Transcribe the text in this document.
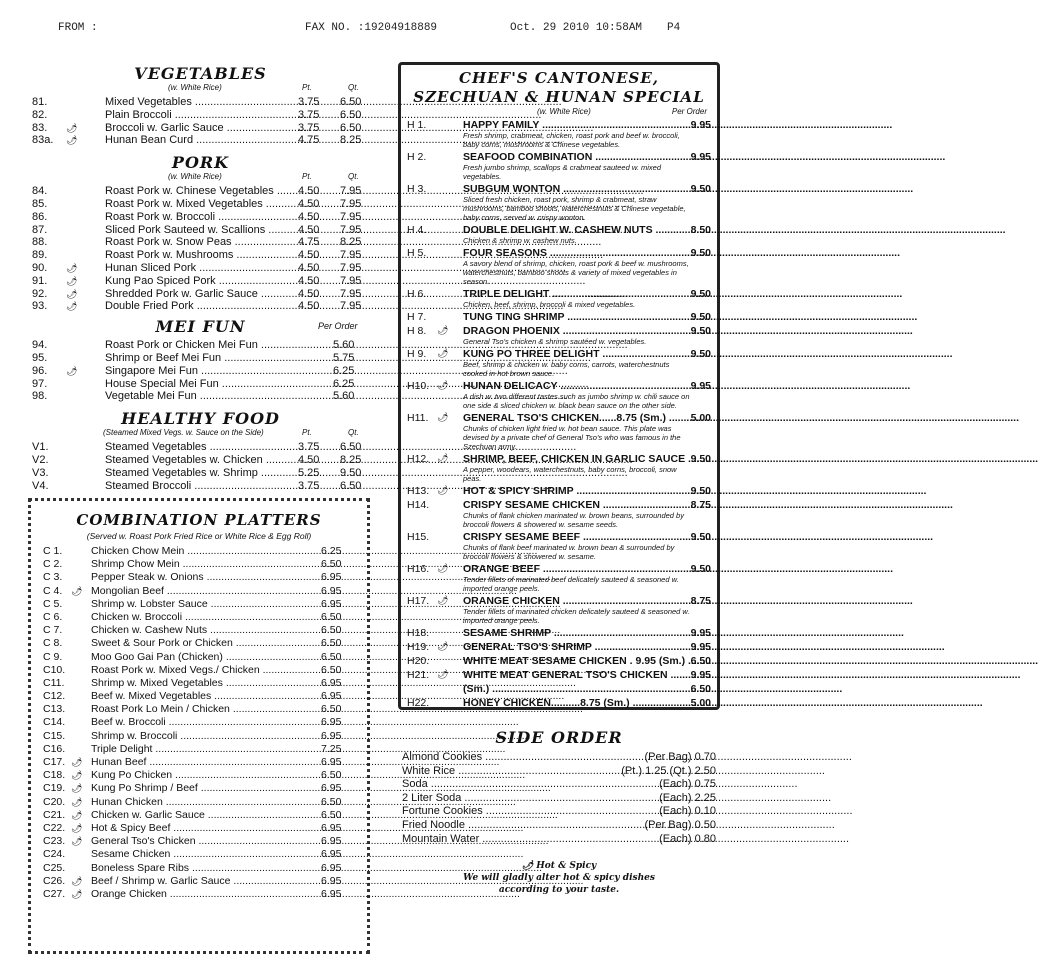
FROM :	FAX NO. :19204918889	Oct. 29 2010 10:58AM P4
VEGETABLES
(w. White Rice)	Pt.	Qt.
81.	Mixed Vegetables .....	3.75	6.50
82.	Plain Broccoli .....	3.75	6.50
83.	🌶	Broccoli w. Garlic Sauce .....	3.75	6.50
83a.	🌶	Hunan Bean Curd .....	4.75	8.25
PORK
(w. White Rice)	Pt.	Qt.
84.	Roast Pork w. Chinese Vegetables .....	4.50	7.95
85.	Roast Pork w. Mixed Vegetables .....	4.50	7.95
86.	Roast Pork w. Broccoli .....	4.50	7.95
87.	Sliced Pork Sauteed w. Scallions .....	4.50	7.95
88.	Roast Pork w. Snow Peas .....	4.75	8.25
89.	Roast Pork w. Mushrooms .....	4.50	7.95
90.	🌶	Hunan Sliced Pork .....	4.50	7.95
91.	🌶	Kung Pao Spiced Pork .....	4.50	7.95
92.	🌶	Shredded Pork w. Garlic Sauce .....	4.50	7.95
93.	🌶	Double Fried Pork .....	4.50	7.95
MEI FUN	Per Order
94.	Roast Pork or Chicken Mei Fun .....	5.60
95.	Shrimp or Beef Mei Fun .....	5.75
96.	🌶	Singapore Mei Fun .....	6.25
97.	House Special Mei Fun .....	6.25
98.	Vegetable Mei Fun .....	5.60
HEALTHY FOOD
(Steamed Mixed Vegs. w. Sauce on the Side)	Pt.	Qt.
V1.	Steamed Vegetables .....	3.75	6.50
V2.	Steamed Vegetables w. Chicken .....	4.50	8.25
V3.	Steamed Vegetables w. Shrimp .....	5.25	9.50
V4.	Steamed Broccoli .....	3.75	6.50
COMBINATION PLATTERS
(Served w. Roast Pork Fried Rice or White Rice & Egg Roll)
C 1.	Chicken Chow Mein .....	6.25
C 2.	Shrimp Chow Mein .....	6.50
C 3.	Pepper Steak w. Onions .....	6.95
C 4. 🌶 Mongolian Beef .....	6.95
C 5.	Shrimp w. Lobster Sauce .....	6.95
C 6.	Chicken w. Broccoli .....	6.50
C 7.	Chicken w. Cashew Nuts .....	6.50
C 8.	Sweet & Sour Pork or Chicken .....	6.50
C 9.	Moo Goo Gai Pan (Chicken) .....	6.50
C10.	Roast Pork w. Mixed Vegs./ Chicken .....	6.50
C11.	Shrimp w. Mixed Vegetables .....	6.95
C12.	Beef w. Mixed Vegetables .....	6.95
C13.	Roast Pork Lo Mein / Chicken .....	6.50
C14.	Beef w. Broccoli .....	6.95
C15.	Shrimp w. Broccoli .....	6.95
C16.	Triple Delight .....	7.25
C17. 🌶 Hunan Beef .....	6.95
C18. 🌶 Kung Po Chicken .....	6.50
C19. 🌶 Kung Po Shrimp / Beef .....	6.95
C20. 🌶 Hunan Chicken .....	6.50
C21. 🌶 Chicken w. Garlic Sauce .....	6.50
C22. 🌶 Hot & Spicy Beef .....	6.95
C23. 🌶 General Tso's Chicken .....	6.95
C24.	Sesame Chicken .....	6.95
C25.	Boneless Spare Ribs .....	6.95
C26. 🌶 Beef / Shrimp w. Garlic Sauce .....	6.95
C27. 🌶 Orange Chicken .....	6.95
CHEF'S CANTONESE,
SZECHUAN & HUNAN SPECIAL
(w. White Rice)	Per Order
H 1.	HAPPY FAMILY .....	9.95
Fresh shrimp, crabmeat, chicken, roast pork and beef w. broccoli, baby corns, mushrooms & Chinese vegetables.
H 2.	SEAFOOD COMBINATION .....	9.95
Fresh jumbo shrimp, scallops & crabmeat sauteed w. mixed vegetables.
H 3.	SUBGUM WONTON .....	9.50
Sliced fresh chicken, roast pork, shrimp & crabmeat, straw mushrooms, bamboo shoots, waterchestnuts & Chinese vegetable, baby corns, served w. crispy wonton.
H 4.	DOUBLE DELIGHT W. CASHEW NUTS .....	8.50
Chicken & shrimp w. cashew nuts.
H 5.	FOUR SEASONS .....	9.50
A savory blend of shrimp, chicken, roast pork & beef w. mushrooms, waterchestnuts, bamboo shoots & variety of mixed vegetables in season.
H 6.	TRIPLE DELIGHT .....	9.50
Chicken, beef, shrimp, broccoli & mixed vegetables.
H 7.	TUNG TING SHRIMP .....	9.50
H 8.	🌶 DRAGON PHOENIX .....	9.50
General Tso's chicken & shrimp sautéed w. vegetables.
H 9.	🌶 KUNG PO THREE DELIGHT .....	9.50
Beef, shrimp & chicken w. baby corns, carrots, waterchestnuts cooked in hot brown sauce.
H10. 🌶 HUNAN DELICACY .....	9.95
A dish w. two different tastes such as jumbo shrimp w. chili sauce on one side & sliced chicken w. black bean sauce on the other side.
H11. 🌶 GENERAL TSO'S CHICKEN......8.75 (Sm.) ..... 5.00
Chunks of chicken light fried w. hot bean sauce. This plate was devised by a private chef of General Tso's who was famous in the Szechuan army.
H12. 🌶 SHRIMP, BEEF, CHICKEN IN GARLIC SAUCE ..... 9.50
A pepper, woodears, waterchestnuts, baby corns, broccoli, snow peas.
H13. 🌶 HOT & SPICY SHRIMP .....	9.50
H14.	CRISPY SESAME CHICKEN .....	8.75
Chunks of flank chicken marinated w. brown beans, surrounded by broccoli flowers & showered w. sesame seeds.
H15.	CRISPY SESAME BEEF .....	9.50
Chunks of flank beef marinated w. brown bean & surrounded by broccoli flowers & showered w. sesame.
H16. 🌶 ORANGE BEEF .....	9.50
Tender fillets of marinated beef delicately sauteed & seasoned w. imported orange peels.
H17. 🌶 ORANGE CHICKEN .....	8.75
Tender fillets of marinated chicken delicately sauteed & seasoned w. imported orange peels.
H18.	SESAME SHRIMP .....	9.95
H19. 🌶 GENERAL TSO'S SHRIMP .....	9.95
H20.	WHITE MEAT SESAME CHICKEN . 9.95 (Sm.) ..... 6.50
H21. 🌶 WHITE MEAT GENERAL TSO'S CHICKEN ..... 9.95
(Sm.) .....	6.50
H22.	HONEY CHICKEN..........8.75 (Sm.) .....	5.00
SIDE ORDER
Almond Cookies .....	(Per Bag) 0.70
White Rice .....	(Pt.) 1.25 (Qt.) 2.50
Soda .....	(Each) 0.75
2 Liter Soda .....	(Each) 2.25
Fortune Cookies .....	(Each) 0.10
Fried Noodle .....	(Per Bag) 0.50
Mountain Water .....	(Each) 0.80
🌶 Hot & Spicy
We will gladly alter hot & spicy dishes
according to your taste.
